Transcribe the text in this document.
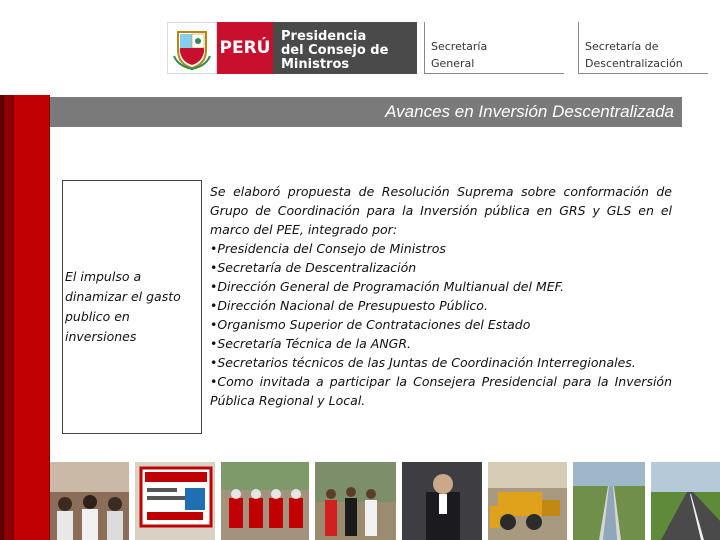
PERÚ
Presidencia
del Consejo de Ministros
Secretaría
General
Secretaría de
Descentralización
Avances en Inversión Descentralizada
El impulso a
dinamizar el gasto
publico en
inversiones
Se elaboró propuesta de Resolución Suprema sobre conformación de Grupo de Coordinación para la Inversión pública en GRS y GLS en el marco del PEE, integrado por:
•Presidencia del Consejo de Ministros
•Secretaría de Descentralización
•Dirección General de Programación Multianual del MEF.
•Dirección Nacional de Presupuesto Público.
•Organismo Superior de Contrataciones del Estado
•Secretaría Técnica de la ANGR.
•Secretarios técnicos de las Juntas de Coordinación Interregionales.
•Como invitada a participar la Consejera Presidencial para la Inversión Pública Regional y Local.
